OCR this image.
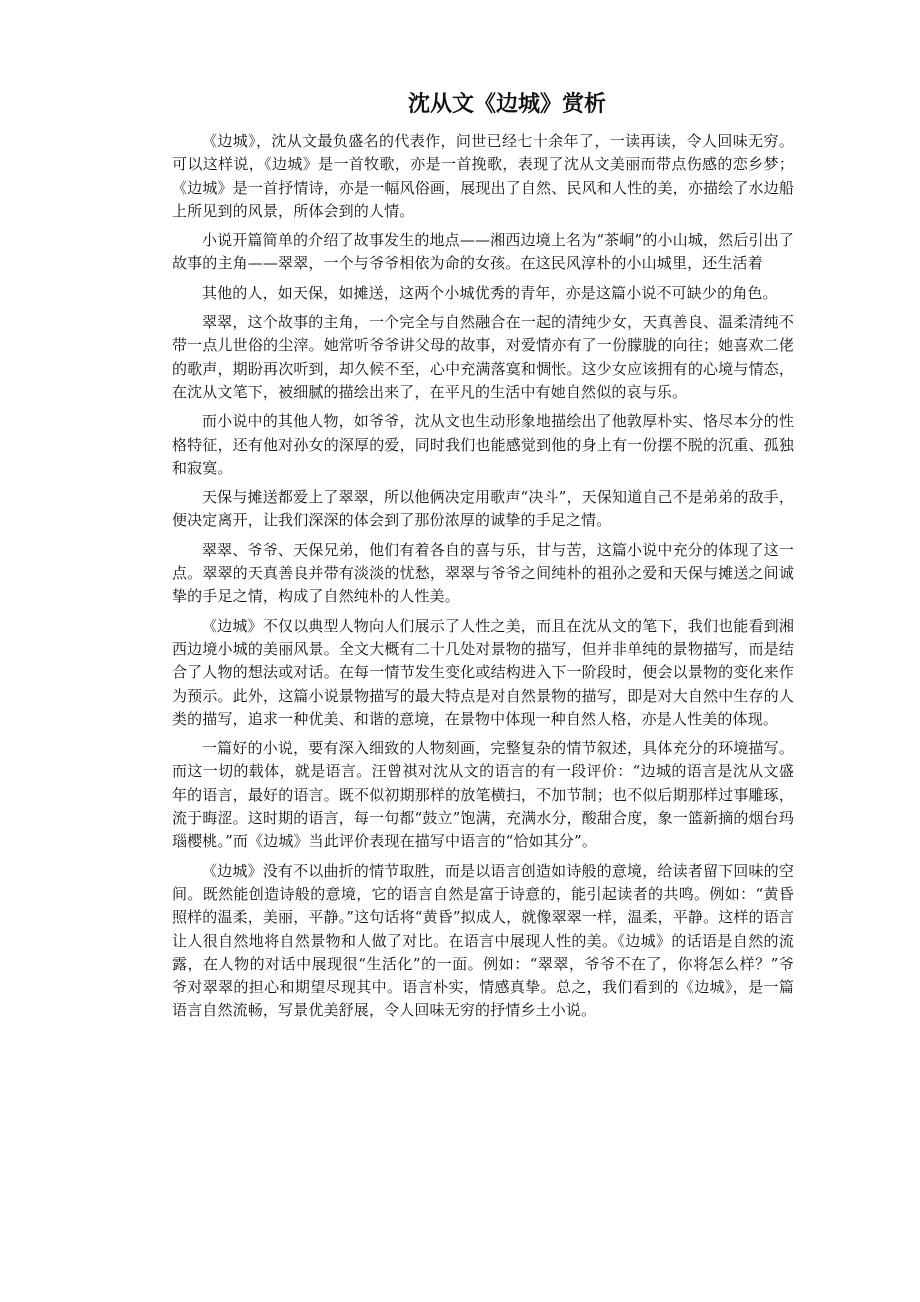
沈从文《边城》赏析

《边城》，沈从文最负盛名的代表作，问世已经七十余年了，一读再读，令人回味无穷。可以这样说，《边城》是一首牧歌，亦是一首挽歌，表现了沈从文美丽而带点伤感的恋乡梦；《边城》是一首抒情诗，亦是一幅风俗画，展现出了自然、民风和人性的美，亦描绘了水边船上所见到的风景，所体会到的人情。

小说开篇简单的介绍了故事发生的地点——湘西边境上名为“茶峒”的小山城，然后引出了故事的主角——翠翠，一个与爷爷相依为命的女孩。在这民风淳朴的小山城里，还生活着

其他的人，如天保，如摊送，这两个小城优秀的青年，亦是这篇小说不可缺少的角色。

翠翠，这个故事的主角，一个完全与自然融合在一起的清纯少女，天真善良、温柔清纯不带一点儿世俗的尘滓。她常听爷爷讲父母的故事，对爱情亦有了一份朦胧的向往；她喜欢二佬的歌声，期盼再次听到，却久候不至，心中充满落寞和惆怅。这少女应该拥有的心境与情态，在沈从文笔下，被细腻的描绘出来了，在平凡的生活中有她自然似的哀与乐。

而小说中的其他人物，如爷爷，沈从文也生动形象地描绘出了他敦厚朴实、恪尽本分的性格特征，还有他对孙女的深厚的爱，同时我们也能感觉到他的身上有一份摆不脱的沉重、孤独和寂寞。

天保与摊送都爱上了翠翠，所以他俩决定用歌声“决斗”，天保知道自己不是弟弟的敌手，便决定离开，让我们深深的体会到了那份浓厚的诚挚的手足之情。

翠翠、爷爷、天保兄弟，他们有着各自的喜与乐，甘与苦，这篇小说中充分的体现了这一点。翠翠的天真善良并带有淡淡的忧愁，翠翠与爷爷之间纯朴的祖孙之爱和天保与摊送之间诚挚的手足之情，构成了自然纯朴的人性美。

《边城》不仅以典型人物向人们展示了人性之美，而且在沈从文的笔下，我们也能看到湘西边境小城的美丽风景。全文大概有二十几处对景物的描写，但并非单纯的景物描写，而是结合了人物的想法或对话。在每一情节发生变化或结构进入下一阶段时，便会以景物的变化来作为预示。此外，这篇小说景物描写的最大特点是对自然景物的描写，即是对大自然中生存的人类的描写，追求一种优美、和谐的意境，在景物中体现一种自然人格，亦是人性美的体现。

一篇好的小说，要有深入细致的人物刻画，完整复杂的情节叙述，具体充分的环境描写。而这一切的载体，就是语言。汪曾祺对沈从文的语言的有一段评价：“边城的语言是沈从文盛年的语言，最好的语言。既不似初期那样的放笔横扫，不加节制；也不似后期那样过事雕琢，流于晦涩。这时期的语言，每一句都“鼓立”饱满，充满水分，酸甜合度，象一篮新摘的烟台玛瑙樱桃。”而《边城》当此评价表现在描写中语言的“恰如其分”。

《边城》没有不以曲折的情节取胜，而是以语言创造如诗般的意境，给读者留下回味的空间。既然能创造诗般的意境，它的语言自然是富于诗意的，能引起读者的共鸣。例如：“黄昏照样的温柔，美丽，平静。”这句话将“黄昏”拟成人，就像翠翠一样，温柔，平静。这样的语言让人很自然地将自然景物和人做了对比。在语言中展现人性的美。《边城》的话语是自然的流露，在人物的对话中展现很“生活化”的一面。例如：“翠翠，爷爷不在了，你将怎么样？”爷爷对翠翠的担心和期望尽现其中。语言朴实，情感真挚。总之，我们看到的《边城》，是一篇语言自然流畅，写景优美舒展，令人回味无穷的抒情乡土小说。
